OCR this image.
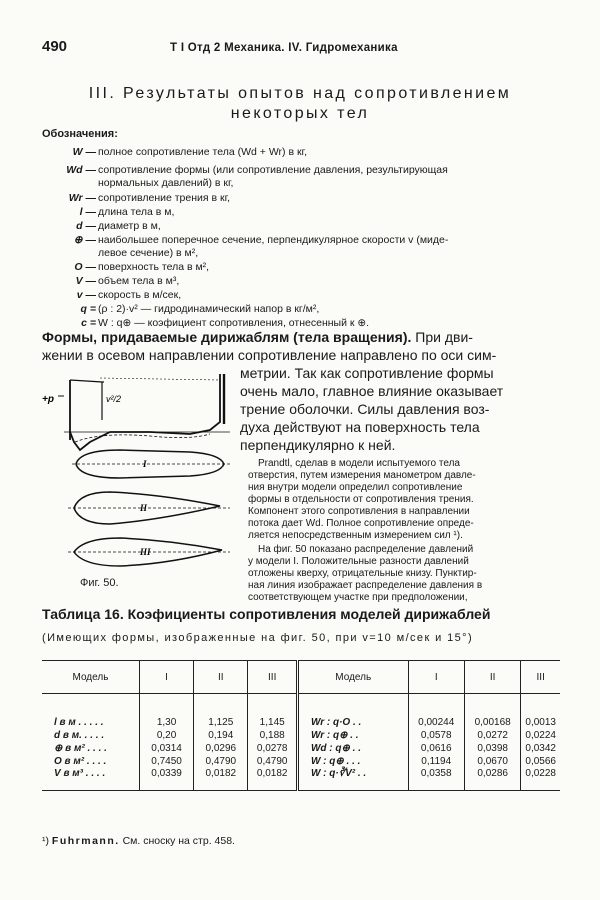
490	Т I Отд 2 Механика. IV. Гидромеханика
III. Результаты опытов над сопротивлением
некоторых тел
Обозначения:
W — полное сопротивление тела (Wd + Wr) в кг,
Wd — сопротивление формы (или сопротивление давления, результирующая
нормальных давлений) в кг,
Wr — сопротивление трения в кг,
l — длина тела в м,
d — диаметр в м,
⊕ — наибольшее поперечное сечение, перпендикулярное скорости v (миде-
левое сечение) в м²,
O — поверхность тела в м²,
V — объем тела в м³,
v — скорость в м/сек,
q = (ρ : 2)·v² — гидродинамический напор в кг/м²,
c = W : q⊕ — коэфициент сопротивления, отнесенный к ⊕.
Формы, придаваемые дирижаблям (тела вращения). При дви-
жении в осевом направлении сопротивление направлено по оси сим-
метрии. Так как сопротивление формы
очень мало, главное влияние оказывает
трение оболочки. Силы давления воз-
духа действуют на поверхность тела
перпендикулярно к ней.
Prandtl, сделав в модели испытуемого тела
отверстия, путем измерения манометром давле-
ния внутри модели определил сопротивление
формы в отдельности от сопротивления трения.
Компонент этого сопротивления в направлении
потока дает Wd. Полное сопротивление опреде-
ляется непосредственным измерением сил ¹).
На фиг. 50 показано распределение давлений
у модели I. Положительные разности давлений
отложены кверху, отрицательные книзу. Пунктир-
ная линия изображает распределение давления в
соответствующем участке при предположении,
+p	v²/2
I
II
III
Фиг. 50.
Таблица 16. Коэфициенты сопротивления моделей дирижаблей
(Имеющих формы, изображенные на фиг. 50, при v=10 м/сек и 15°)
Модель	I	II	III	Модель	I	II	III

l в м . . . . .	1,30	1,125	1,145	Wr : q·O . .	0,00244	0,00168	0,0013
d в м. . . . .	0,20	0,194	0,188	Wr : q⊕ . .	0,0578	0,0272	0,0224
⊕ в м² . . . .	0,0314	0,0296	0,0278	Wd : q⊕ . .	0,0616	0,0398	0,0342
O в м² . . . .	0,7450	0,4790	0,4790	W : q⊕ . . .	0,1194	0,0670	0,0566
V в м³ . . . .	0,0339	0,0182	0,0182	W : q·∛V² . .	0,0358	0,0286	0,0228
¹) Fuhrmann. См. сноску на стр. 458.
